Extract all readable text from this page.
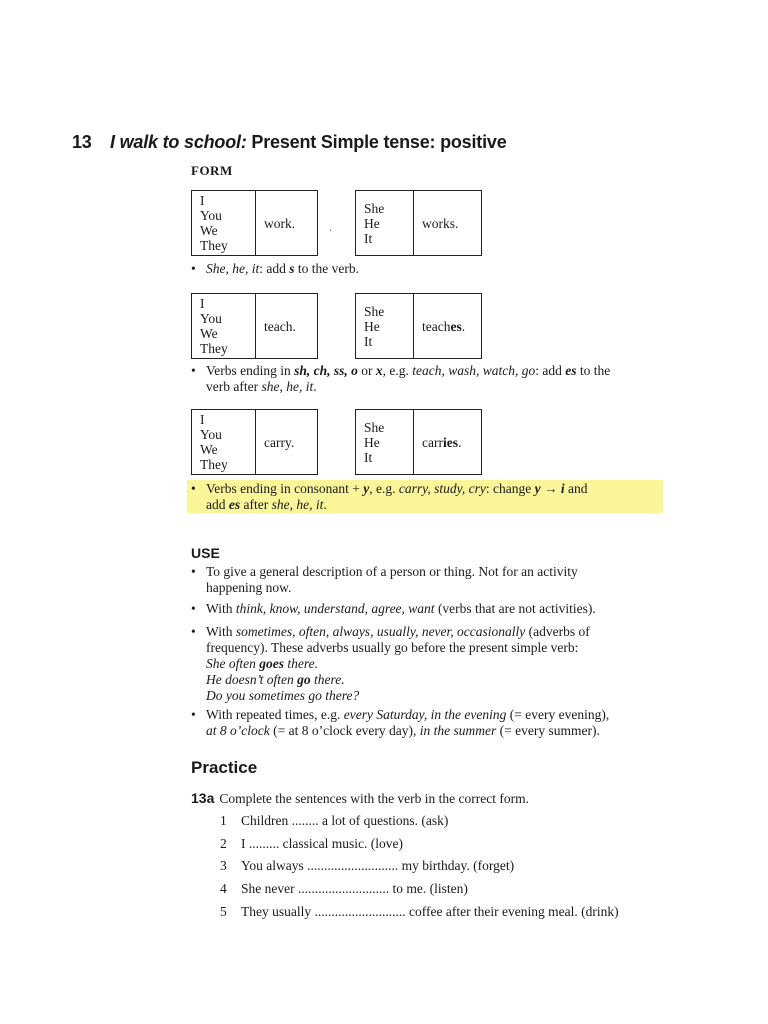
13 I walk to school: Present Simple tense: positive
FORM
I
You
We
They
work.
·
She
He
It
works.
• She, he, it: add s to the verb.
I
You
We
They
teach.
She
He
It
teach es .
• Verbs ending in sh, ch, ss, o or x, e.g. teach, wash, watch, go: add es to the
verb after she, he, it.
I
You
We
They
carry.
She
He
It
carr ies .
• Verbs ending in consonant + y, e.g. carry, study, cry: change y → i and
add es after she, he, it.
USE
• To give a general description of a person or thing. Not for an activity
happening now.
• With think, know, understand, agree, want (verbs that are not activities).
• With sometimes, often, always, usually, never, occasionally (adverbs of
frequency). These adverbs usually go before the present simple verb:
She often goes there.
He doesn’t often go there.
Do you sometimes go there?
• With repeated times, e.g. every Saturday, in the evening (= every evening),
at 8 o’clock (= at 8 o’clock every day), in the summer (= every summer).
Practice
13a Complete the sentences with the verb in the correct form.
1 Children ........ a lot of questions. (ask)
2 I ......... classical music. (love)
3 You always ........................... my birthday. (forget)
4 She never ........................... to me. (listen)
5 They usually ........................... coffee after their evening meal. (drink)
